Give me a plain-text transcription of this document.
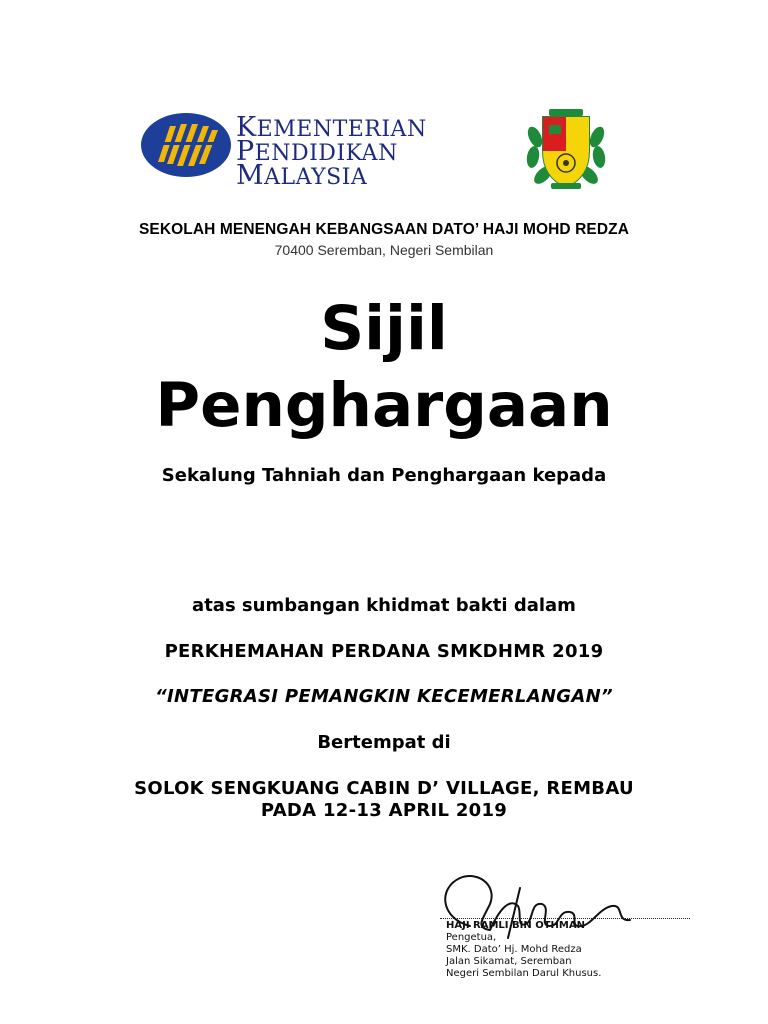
KEMENTERIAN
PENDIDIKAN
MALAYSIA
SEKOLAH MENENGAH KEBANGSAAN DATO’ HAJI MOHD REDZA
70400 Seremban, Negeri Sembilan
Sijil
Penghargaan
Sekalung Tahniah dan Penghargaan kepada
atas sumbangan khidmat bakti dalam
PERKHEMAHAN PERDANA SMKDHMR 2019
“INTEGRASI PEMANGKIN KECEMERLANGAN”
Bertempat di
SOLOK SENGKUANG CABIN D’ VILLAGE, REMBAU
PADA 12-13 APRIL 2019
HAJI RAMLI BIN OTHMAN
Pengetua,
SMK. Dato’ Hj. Mohd Redza
Jalan Sikamat, Seremban
Negeri Sembilan Darul Khusus.
